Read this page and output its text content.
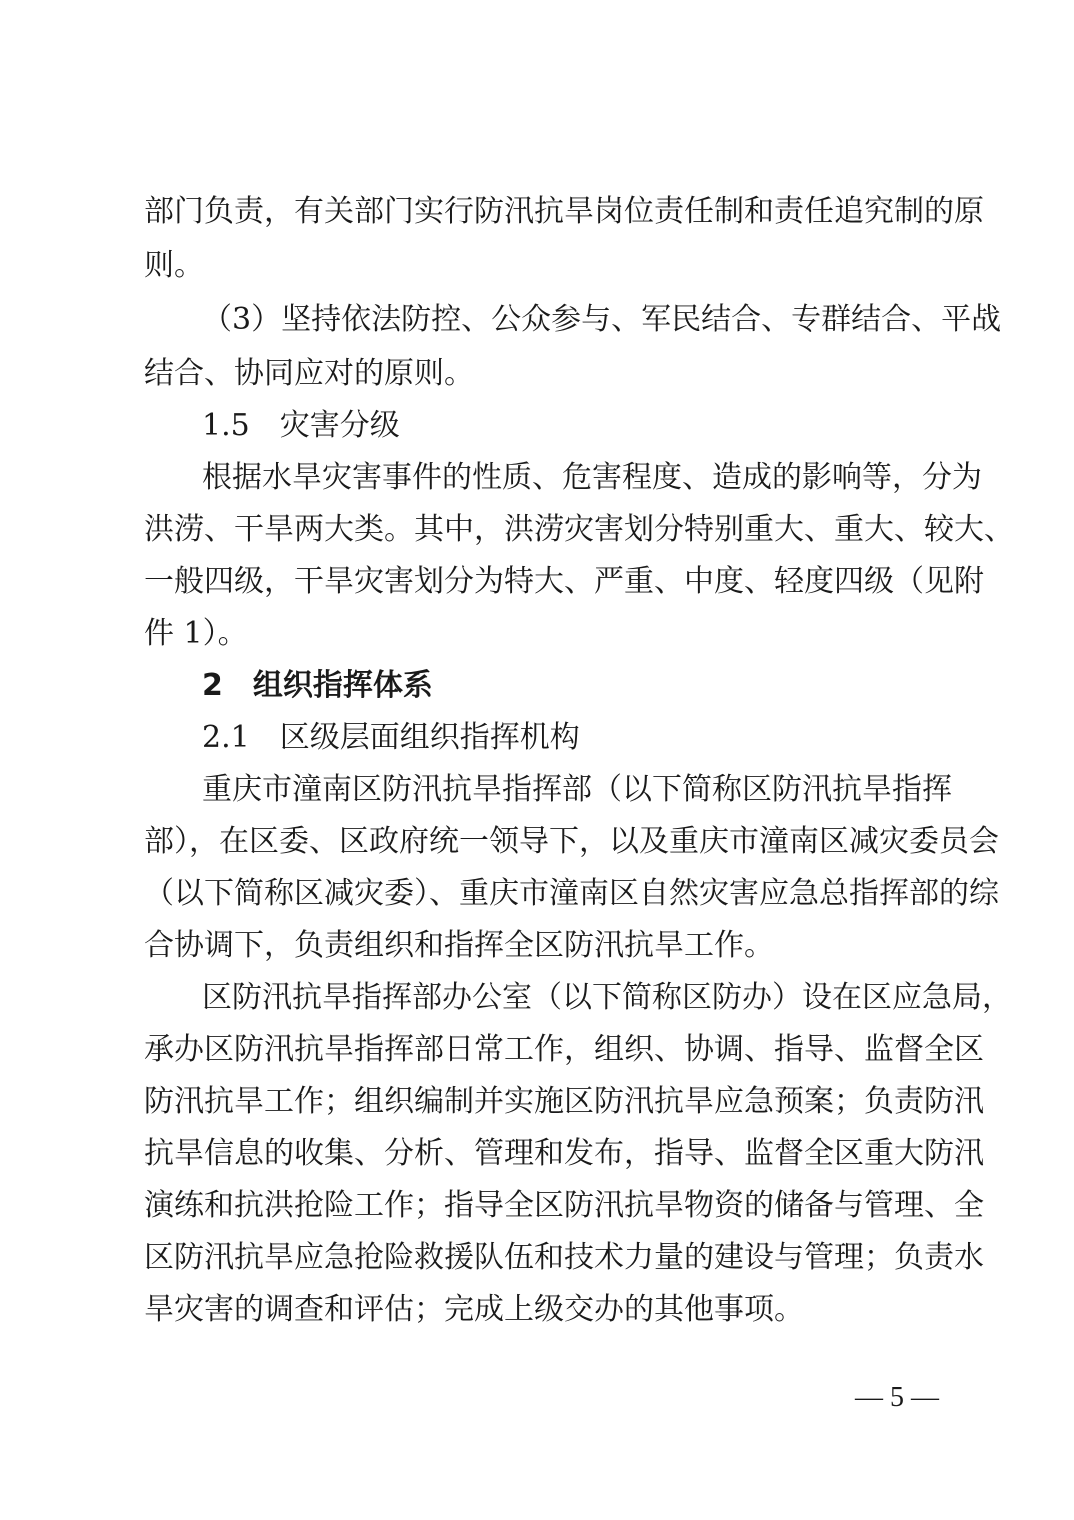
部门负责，有关部门实行防汛抗旱岗位责任制和责任追究制的原
则。
（3）坚持依法防控、公众参与、军民结合、专群结合、平战
结合、协同应对的原则。
1.5　灾害分级
根据水旱灾害事件的性质、危害程度、造成的影响等，分为
洪涝、干旱两大类。其中，洪涝灾害划分特别重大、重大、较大、
一般四级，干旱灾害划分为特大、严重、中度、轻度四级（见附
件 1）。
2　组织指挥体系
2.1　区级层面组织指挥机构
重庆市潼南区防汛抗旱指挥部（以下简称区防汛抗旱指挥
部），在区委、区政府统一领导下，以及重庆市潼南区减灾委员会
（以下简称区减灾委）、重庆市潼南区自然灾害应急总指挥部的综
合协调下，负责组织和指挥全区防汛抗旱工作。
区防汛抗旱指挥部办公室（以下简称区防办）设在区应急局，
承办区防汛抗旱指挥部日常工作，组织、协调、指导、监督全区
防汛抗旱工作；组织编制并实施区防汛抗旱应急预案；负责防汛
抗旱信息的收集、分析、管理和发布，指导、监督全区重大防汛
演练和抗洪抢险工作；指导全区防汛抗旱物资的储备与管理、全
区防汛抗旱应急抢险救援队伍和技术力量的建设与管理；负责水
旱灾害的调查和评估；完成上级交办的其他事项。
— 5 —
